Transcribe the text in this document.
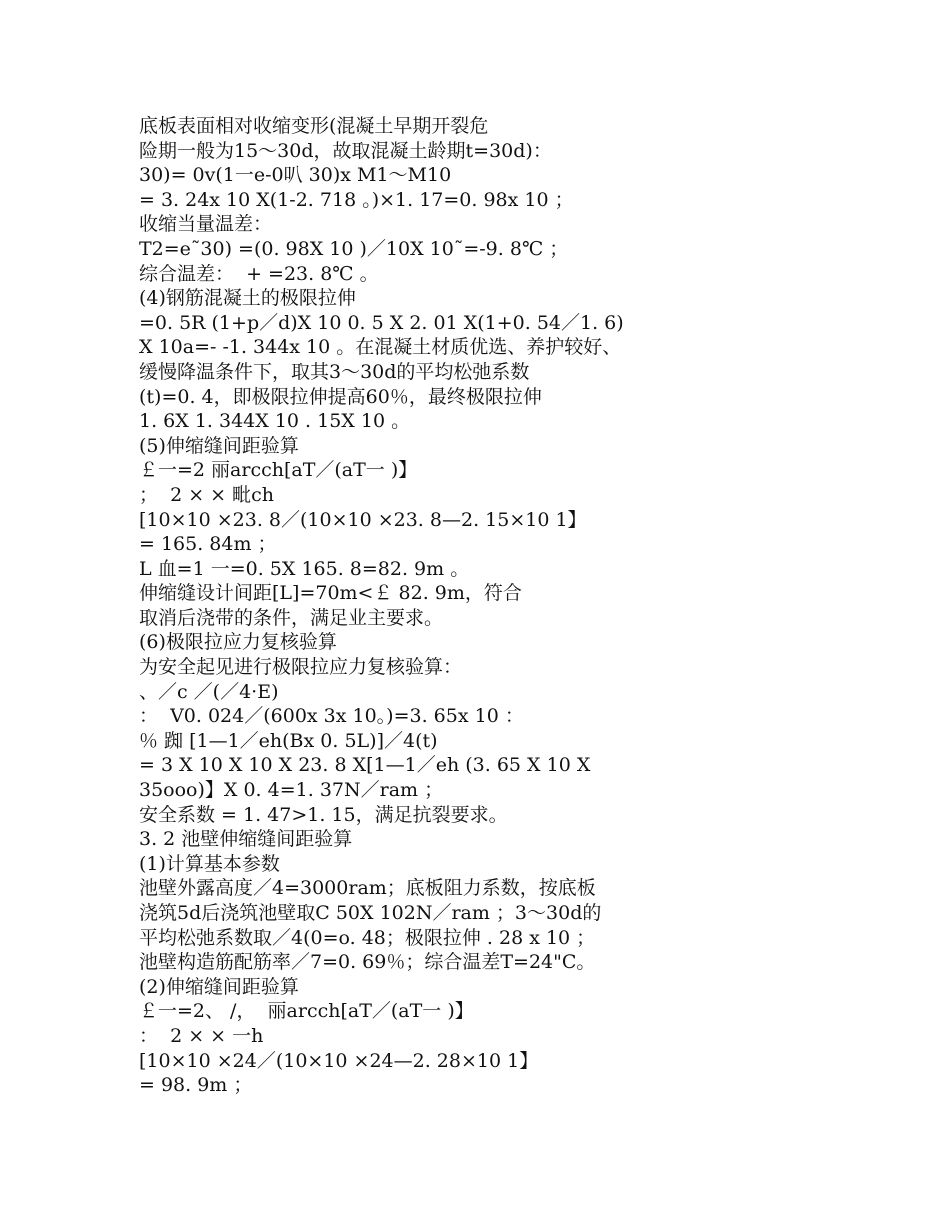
底板表面相对收缩变形(混凝土早期开裂危
险期一般为15～30d，故取混凝土龄期t=30d)：
30)= 0v(1一e-0叭 30)x M1～M10
= 3. 24x 10 X(1-2. 718 。)×1. 17=0. 98x 10 ；
收缩当量温差：
T2=e˜30) =(0. 98X 10 )／10X 10˜=-9. 8℃ ；
综合温差：  + =23. 8℃ 。
(4)钢筋混凝土的极限拉伸
=0. 5R (1+p／d)X 10 0. 5 X 2. 01 X(1+0. 54／1. 6)
X 10a=- -1. 344x 10 。在混凝土材质优选、养护较好、
缓慢降温条件下，取其3～30d的平均松弛系数
(t)=0. 4，即极限拉伸提高60％，最终极限拉伸
1. 6X 1. 344X 10 . 15X 10 。
(5)伸缩缝间距验算
￡一=2 丽arcch[aT／(aT一 )】
；  2 × × 毗ch
[10×10 ×23. 8／(10×10 ×23. 8—2. 15×10 1】
= 165. 84m ；
L 血=1 一=0. 5X 165. 8=82. 9m 。
伸缩缝设计间距[L]=70m<￡ 82. 9m，符合
取消后浇带的条件，满足业主要求。
(6)极限拉应力复核验算
为安全起见进行极限拉应力复核验算：
、／c ／(／4·E)
：  V0. 024／(600x 3x 10。)=3. 65x 10 ：
％ 踟 [1—1／eh(Bx 0. 5L)]／4(t)
= 3 X 10 X 10 X 23. 8 X[1—1／eh (3. 65 X 10 X
35ooo)】X 0. 4=1. 37N／ram ；
安全系数 = 1. 47>1. 15，满足抗裂要求。
3. 2 池壁伸缩缝间距验算
(1)计算基本参数
池壁外露高度／4=3000ram；底板阻力系数，按底板
浇筑5d后浇筑池壁取C 50X 102N／ram ；3～30d的
平均松弛系数取／4(0=o. 48；极限拉伸 . 28 x 10 ；
池壁构造筋配筋率／7=0. 69％；综合温差T=24"C。
(2)伸缩缝间距验算
￡一=2、 /，  丽arcch[aT／(aT一 )】
：  2 × × 一h
[10×10 ×24／(10×10 ×24—2. 28×10 1】
= 98. 9m ；
